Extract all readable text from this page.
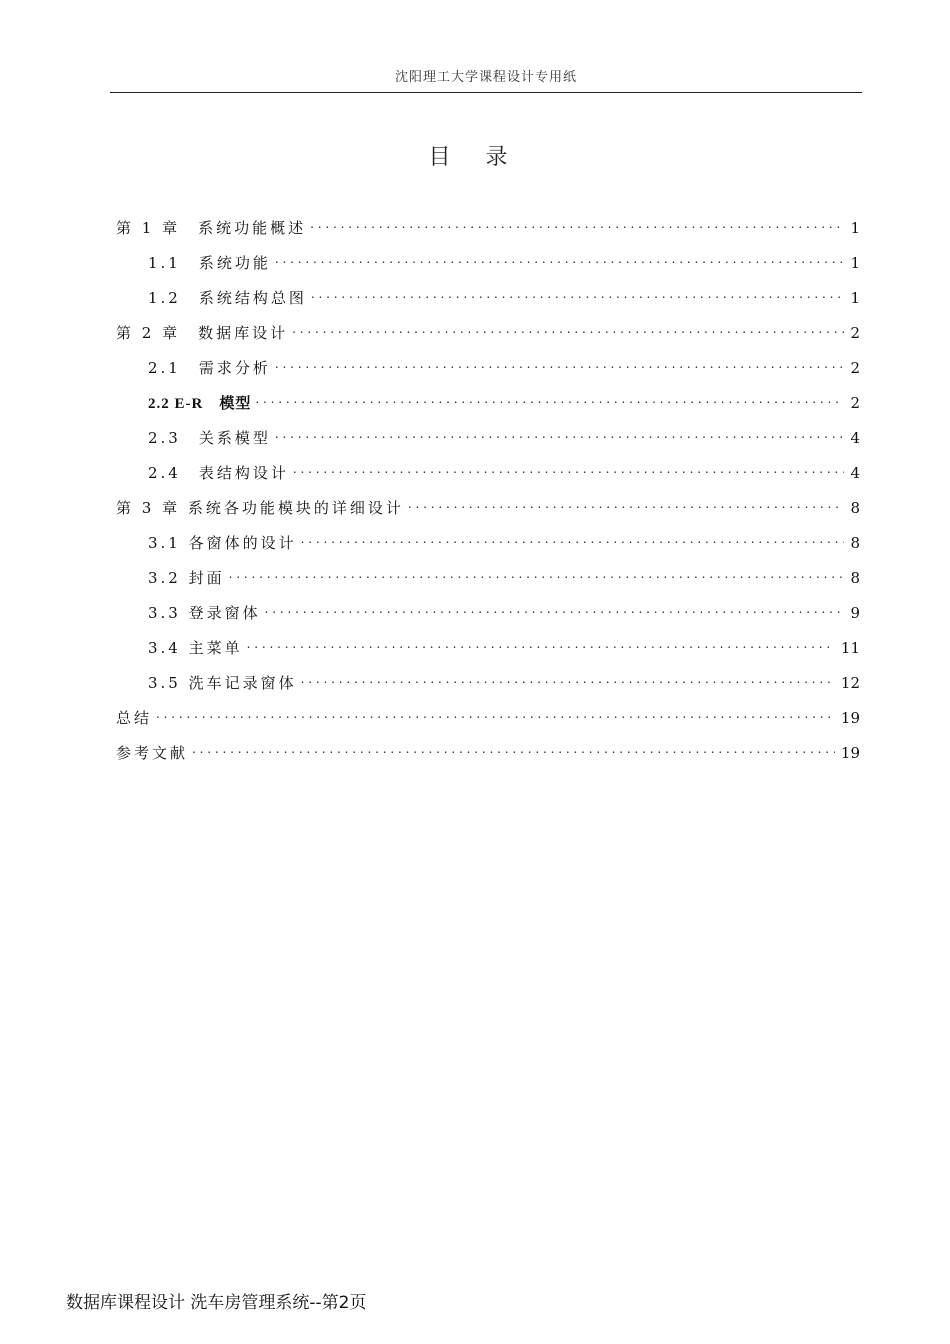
沈阳理工大学课程设计专用纸
目 录
第 1 章　系统功能概述 . . .	1
1.1　系统功能 . . .	1
1.2　系统结构总图 . . .	1
第 2 章　数据库设计 . . .	2
2.1　需求分析 . . .	2
2.2 E-R　模型 . . .	2
2.3　关系模型 . . .	4
2.4　表结构设计 . . .	4
第 3 章 系统各功能模块的详细设计 . . .	8
3.1 各窗体的设计 . . .	8
3.2 封面 . . .	8
3.3 登录窗体 . . .	9
3.4 主菜单 . . .	11
3.5 洗车记录窗体 . . .	12
总结 . . .	19
参考文献 . . .	19
数据库课程设计 洗车房管理系统--第2页
